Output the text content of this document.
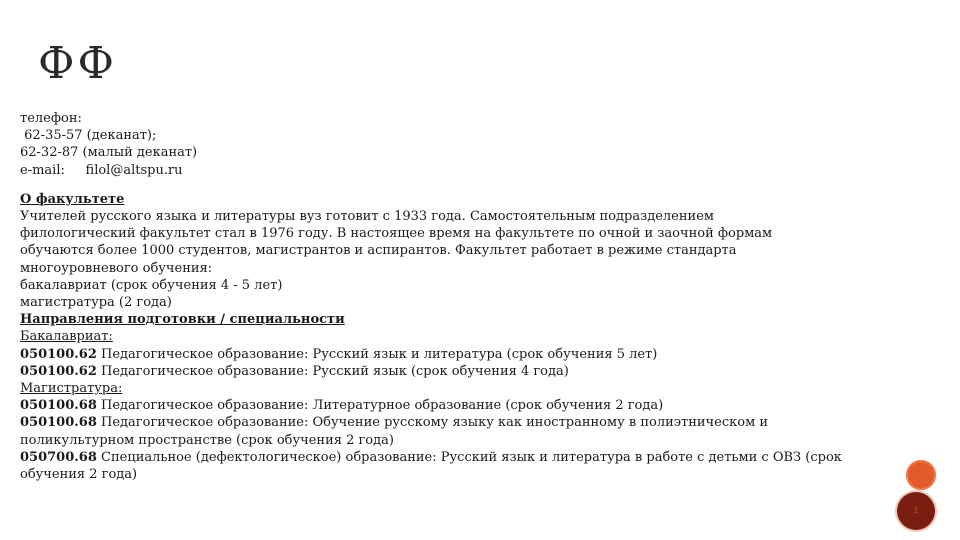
ФФ
телефон:
62-35-57 (деканат);
62-32-87 (малый деканат)
e-mail:     filol@altspu.ru
О факультете
Учителей русского языка и литературы вуз готовит с 1933 года. Самостоятельным подразделением
филологический факультет стал в 1976 году. В настоящее время на факультете по очной и заочной формам
обучаются более 1000 студентов, магистрантов и аспирантов. Факультет работает в режиме стандарта
многоуровневого обучения:
бакалавриат (срок обучения 4 - 5 лет)
магистратура (2 года)
Направления подготовки / специальности
Бакалавриат:
050100.62 Педагогическое образование: Русский язык и литература (срок обучения 5 лет)
050100.62 Педагогическое образование: Русский язык (срок обучения 4 года)
Магистратура:
050100.68 Педагогическое образование: Литературное образование (срок обучения 2 года)
050100.68 Педагогическое образование: Обучение русскому языку как иностранному в полиэтническом и поликультурном пространстве (срок обучения 2 года)
050700.68 Специальное (дефектологическое) образование: Русский язык и литература в работе с детьми с ОВЗ (срок обучения 2 года)
1
